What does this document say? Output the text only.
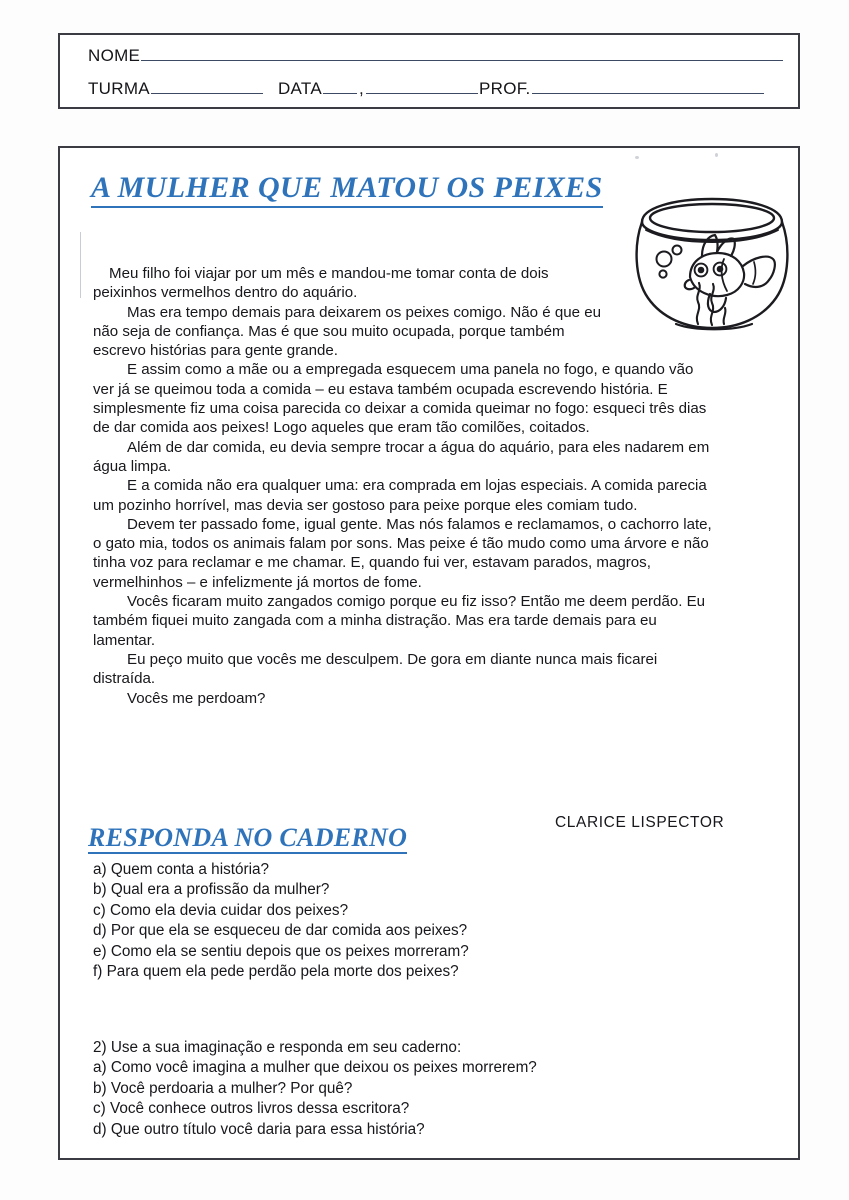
NOME
TURMA	DATA ,	PROF.
A MULHER QUE MATOU OS PEIXES

Meu filho foi viajar por um mês e mandou-me tomar conta de dois peixinhos vermelhos dentro do aquário.

Mas era tempo demais para deixarem os peixes comigo. Não é que eu não seja de confiança. Mas é que sou muito ocupada, porque também escrevo histórias para gente grande.

E assim como a mãe ou a empregada esquecem uma panela no fogo, e quando vão ver já se queimou toda a comida – eu estava também ocupada escrevendo história. E simplesmente fiz uma coisa parecida co deixar a comida queimar no fogo: esqueci três dias de dar comida aos peixes! Logo aqueles que eram tão comilões, coitados.

Além de dar comida, eu devia sempre trocar a água do aquário, para eles nadarem em água limpa.

E a comida não era qualquer uma: era comprada em lojas especiais. A comida parecia um pozinho horrível, mas devia ser gostoso para peixe porque eles comiam tudo.

Devem ter passado fome, igual gente. Mas nós falamos e reclamamos, o cachorro late, o gato mia, todos os animais falam por sons. Mas peixe é tão mudo como uma árvore e não tinha voz para reclamar e me chamar. E, quando fui ver, estavam parados, magros, vermelhinhos – e infelizmente já mortos de fome.

Vocês ficaram muito zangados comigo porque eu fiz isso? Então me deem perdão. Eu também fiquei muito zangada com a minha distração. Mas era tarde demais para eu lamentar.

Eu peço muito que vocês me desculpem. De gora em diante nunca mais ficarei distraída.

Vocês me perdoam?

CLARICE LISPECTOR
RESPONDA NO CADERNO
a) Quem conta a história?
b) Qual era a profissão da mulher?
c) Como ela devia cuidar dos peixes?
d) Por que ela se esqueceu de dar comida aos peixes?
e) Como ela se sentiu depois que os peixes morreram?
f) Para quem ela pede perdão pela morte dos peixes?
2) Use a sua imaginação e responda em seu caderno:
a) Como você imagina a mulher que deixou os peixes morrerem?
b) Você perdoaria a mulher? Por quê?
c) Você conhece outros livros dessa escritora?
d) Que outro título você daria para essa história?
